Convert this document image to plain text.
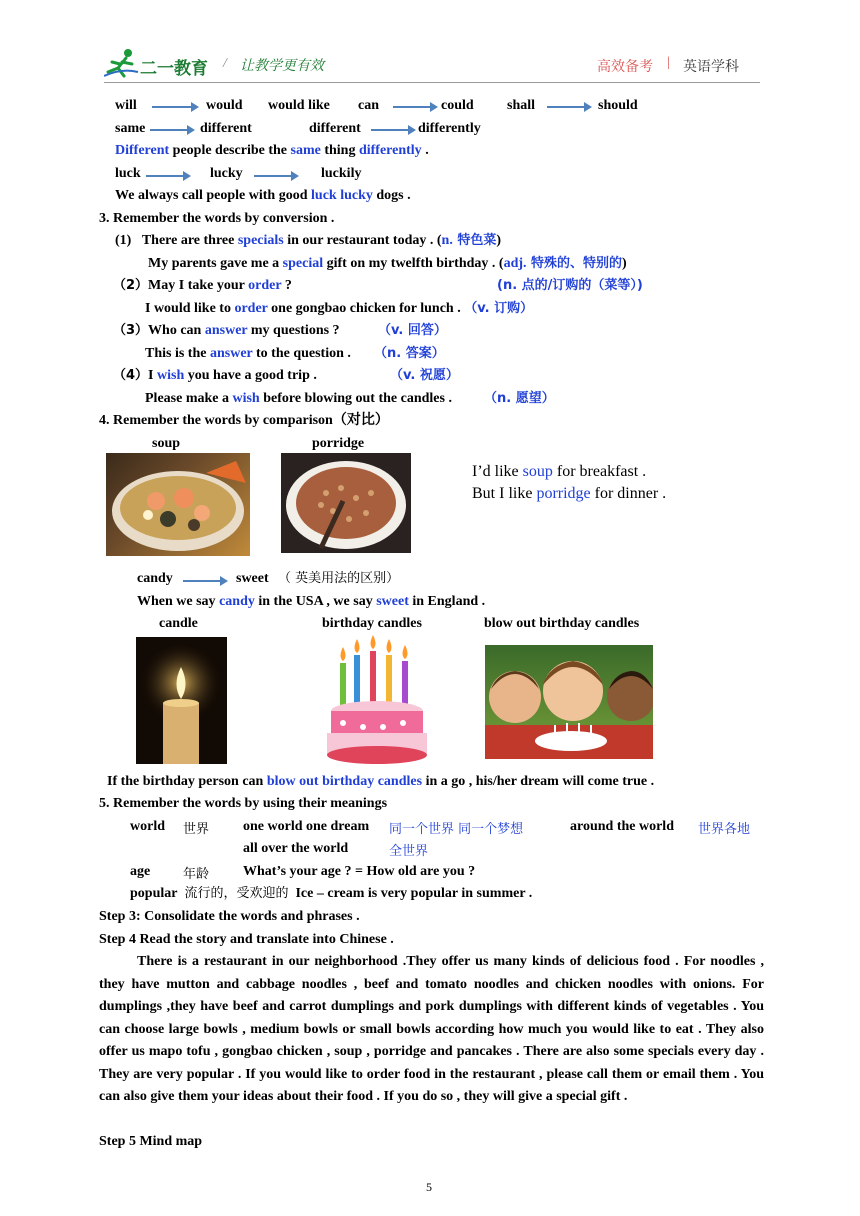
二一教育 / 让教学更有效	高效备考 | 英语学科
will	would would like can	could shall	should
same	different	different	differently
Different people describe the same thing differently .
luck	lucky	luckily
We always call people with good luck lucky dogs .
3. Remember the words by conversion .
(1) There are three specials in our restaurant today . (n. 特色菜)
My parents gave me a special gift on my twelfth birthday . (adj. 特殊的、特别的)
（2）May I take your order ?	(n. 点的/订购的（菜等）)
I would like to order one gongbao chicken for lunch . （v. 订购）
（3）Who can answer my questions ?	（v. 回答）
This is the answer to the question . （n. 答案）
（4）I wish you have a good trip .	（v. 祝愿）
Please make a wish before blowing out the candles . （n. 愿望）
4. Remember the words by comparison（对比）
soup	porridge
I’d like soup for breakfast .
But I like porridge for dinner .
candy	sweet （ 英美用法的区别）
When we say candy in the USA , we say sweet in England .
candle	birthday candles	blow out birthday candles
If the birthday person can blow out birthday candles in a go , his/her dream will come true .
5. Remember the words by using their meanings
world 世界 one world one dream 同一个世界 同一个梦想	around the world 世界各地
all over the world	全世界
age	年龄 What’s your age ? = How old are you ?
popular 流行的，受欢迎的 Ice – cream is very popular in summer .
Step 3: Consolidate the words and phrases .
Step 4 Read the story and translate into Chinese .
There is a restaurant in our neighborhood .They offer us many kinds of delicious food . For noodles , they have mutton and cabbage noodles , beef and tomato noodles and chicken noodles with onions. For dumplings ,they have beef and carrot dumplings and pork dumplings with different kinds of vegetables . You can choose large bowls , medium bowls or small bowls according how much you would like to eat . They also offer us mapo tofu , gongbao chicken , soup , porridge and pancakes . There are also some specials every day . They are very popular . If you would like to order food in the restaurant , please call them or email them . You can also give them your ideas about their food . If you do so , they will give a special gift .
Step 5 Mind map
5
